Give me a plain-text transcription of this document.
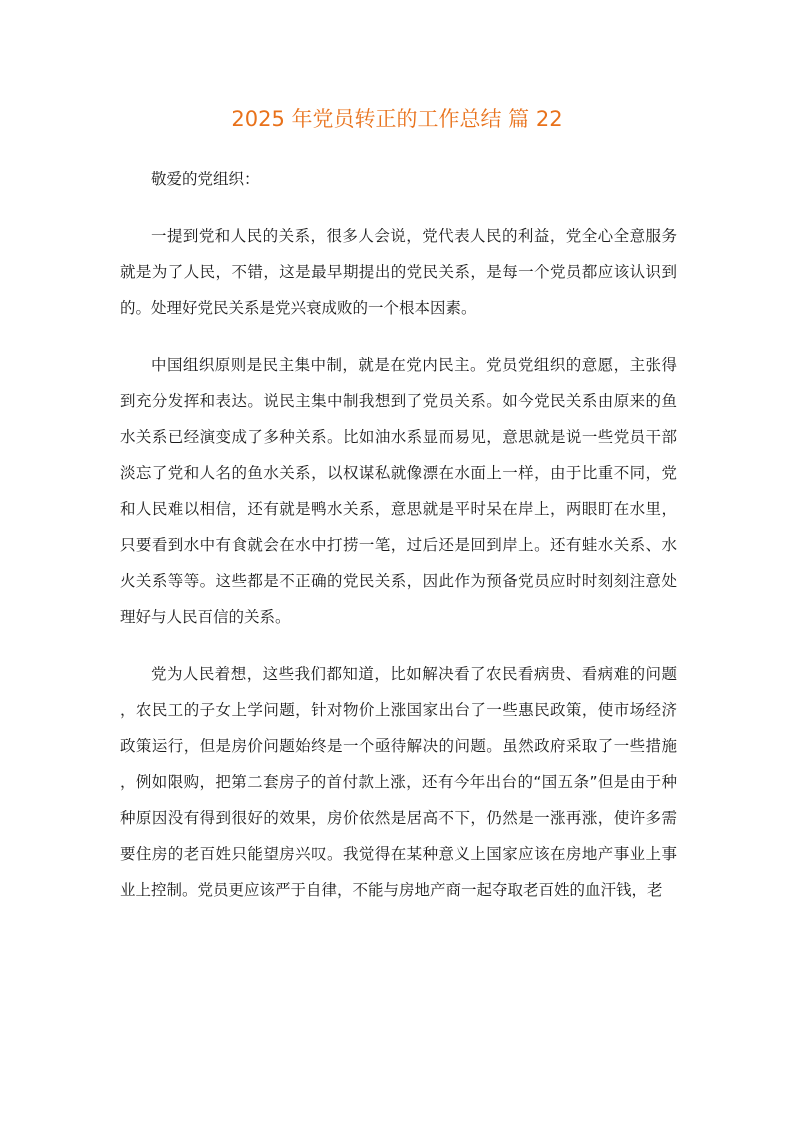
2025 年党员转正的工作总结 篇 22

敬爱的党组织：

一提到党和人民的关系，很多人会说，党代表人民的利益，党全心全意服务就是为了人民，不错，这是最早期提出的党民关系，是每一个党员都应该认识到的。处理好党民关系是党兴衰成败的一个根本因素。

中国组织原则是民主集中制，就是在党内民主。党员党组织的意愿，主张得到充分发挥和表达。说民主集中制我想到了党员关系。如今党民关系由原来的鱼水关系已经演变成了多种关系。比如油水系显而易见，意思就是说一些党员干部淡忘了党和人名的鱼水关系，以权谋私就像漂在水面上一样，由于比重不同，党和人民难以相信，还有就是鸭水关系，意思就是平时呆在岸上，两眼盯在水里，只要看到水中有食就会在水中打捞一笔，过后还是回到岸上。还有蛙水关系、水火关系等等。这些都是不正确的党民关系，因此作为预备党员应时时刻刻注意处理好与人民百信的关系。

党为人民着想，这些我们都知道，比如解决看了农民看病贵、看病难的问题，农民工的子女上学问题，针对物价上涨国家出台了一些惠民政策，使市场经济政策运行，但是房价问题始终是一个亟待解决的问题。虽然政府采取了一些措施，例如限购，把第二套房子的首付款上涨，还有今年出台的“国五条”但是由于种种原因没有得到很好的效果，房价依然是居高不下，仍然是一涨再涨，使许多需要住房的老百姓只能望房兴叹。我觉得在某种意义上国家应该在房地产事业上事业上控制。党员更应该严于自律，不能与房地产商一起夺取老百姓的血汗钱，老
